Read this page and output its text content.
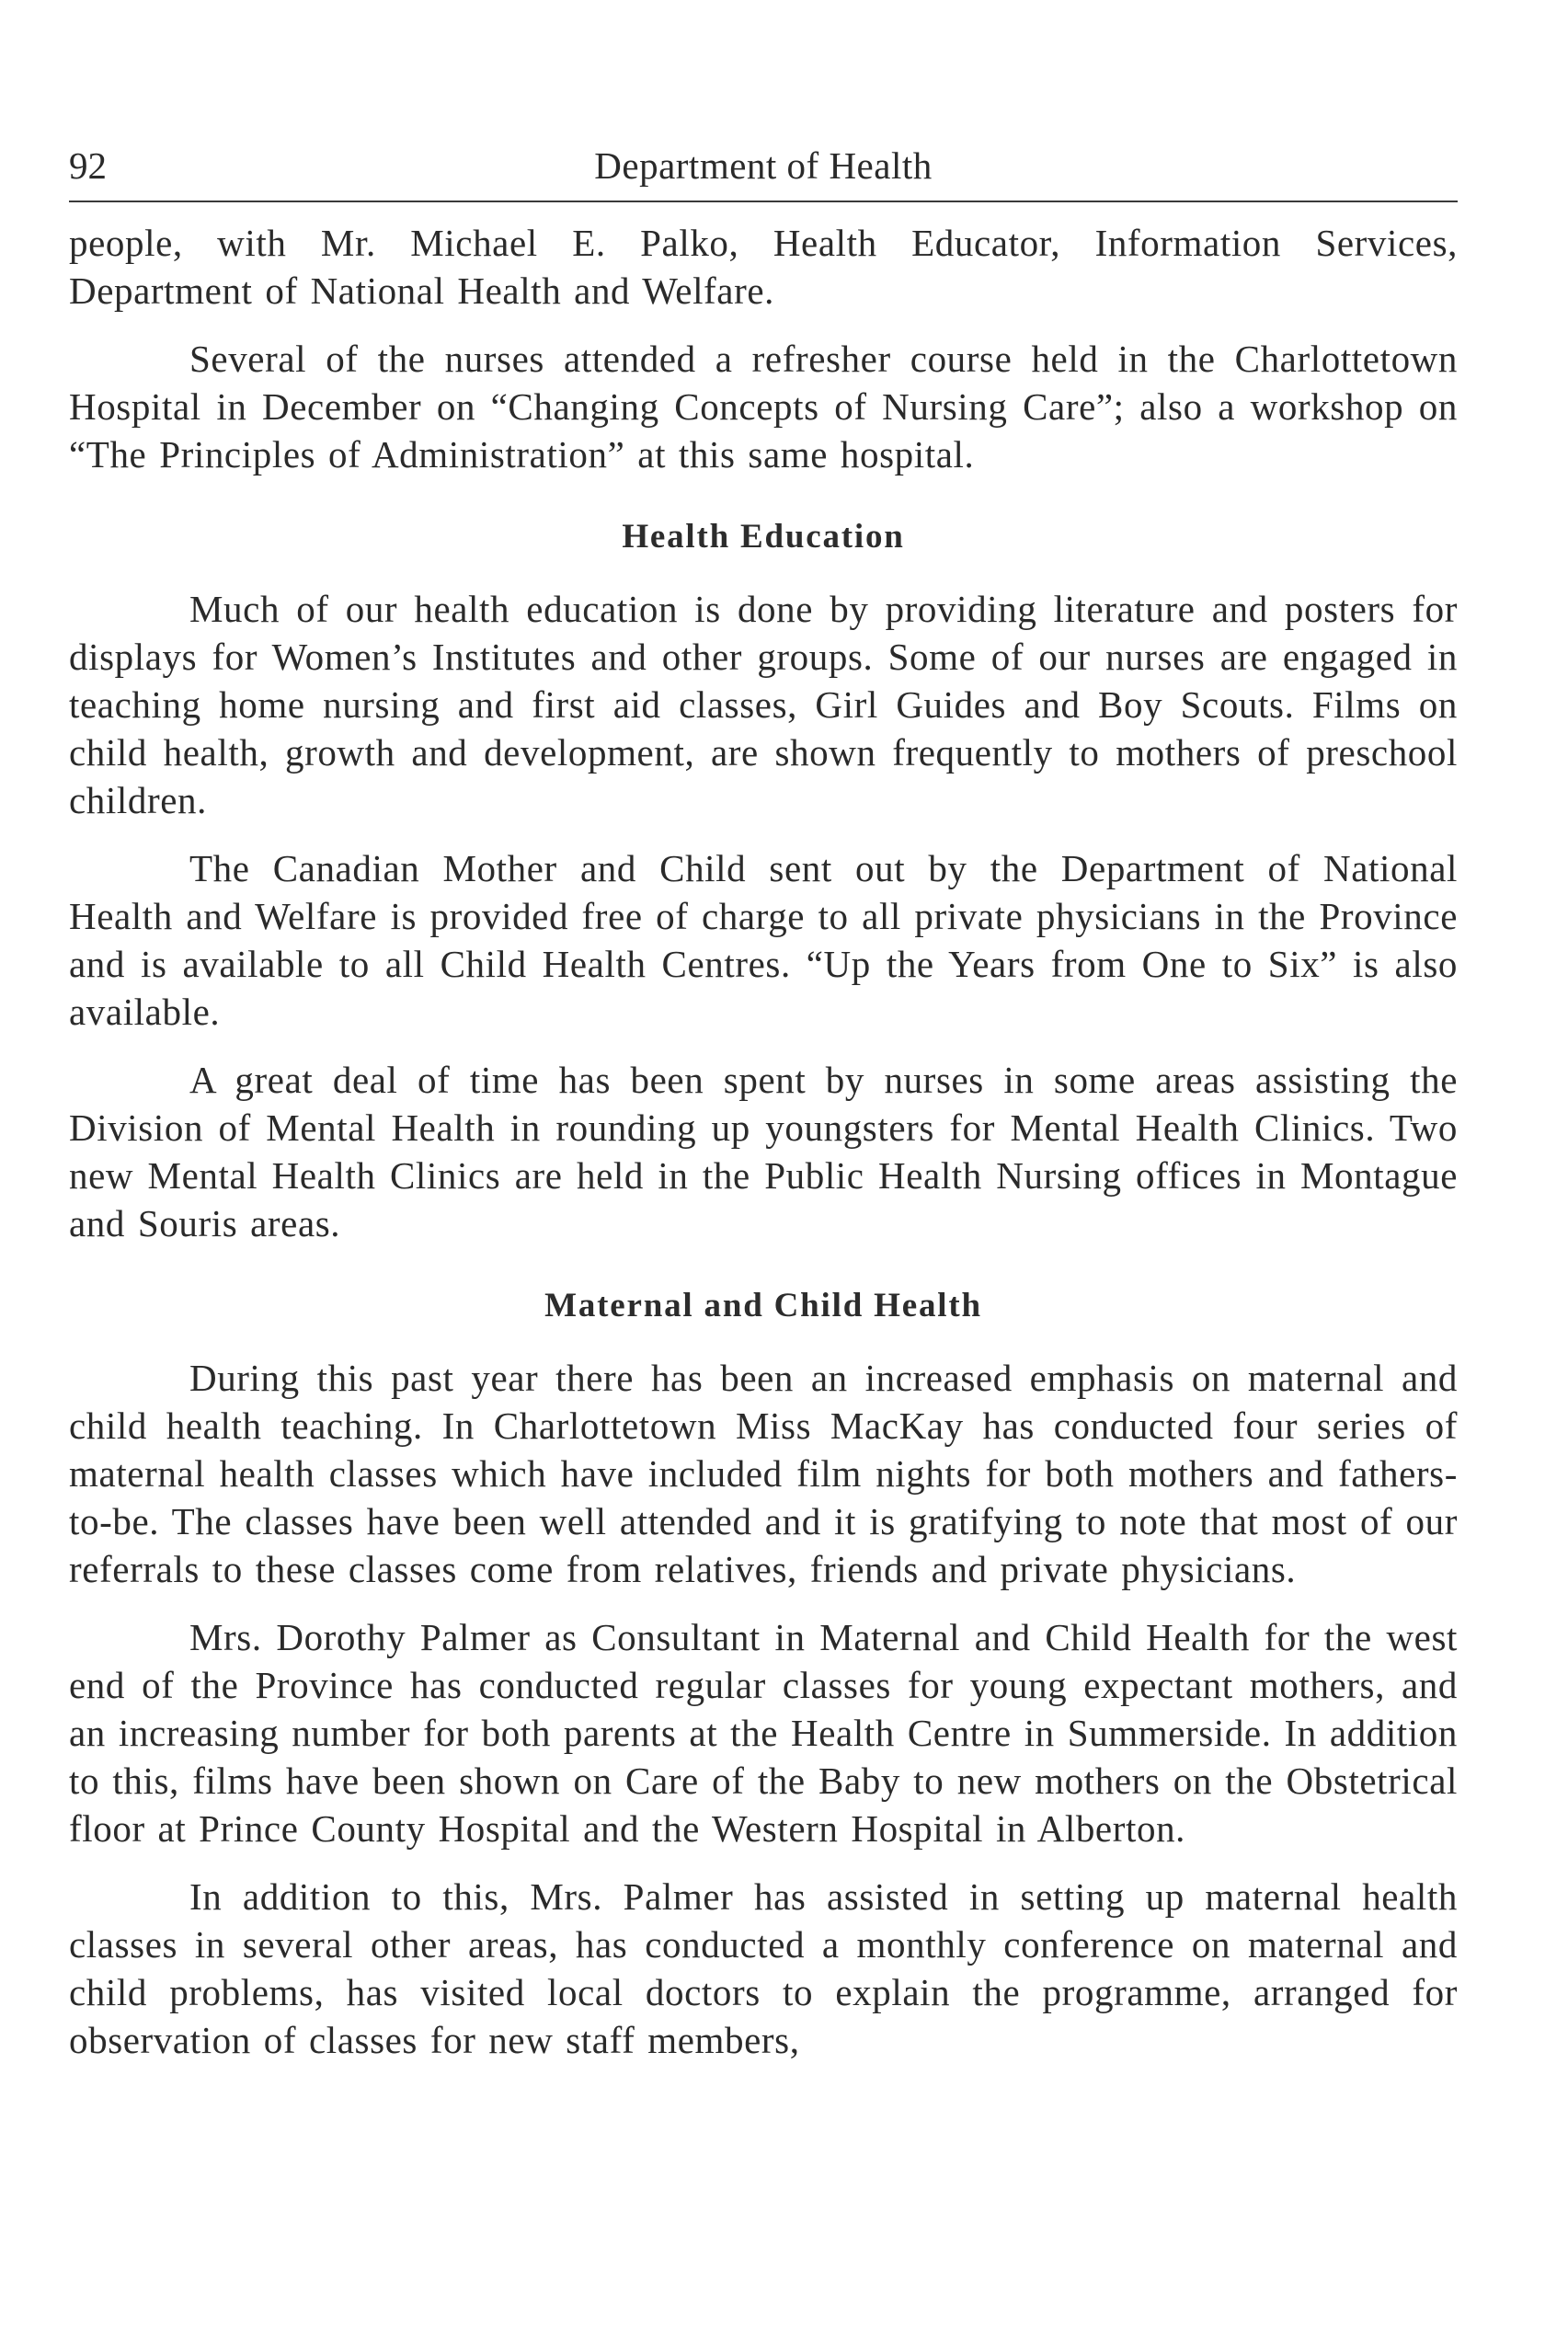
92	Department of Health

people, with Mr. Michael E. Palko, Health Educator, Information Services, Department of National Health and Welfare.

Several of the nurses attended a refresher course held in the Charlottetown Hospital in December on “Changing Concepts of Nursing Care”; also a workshop on “The Principles of Administration” at this same hospital.

Health Education

Much of our health education is done by providing literature and posters for displays for Women’s Institutes and other groups. Some of our nurses are engaged in teaching home nursing and first aid classes, Girl Guides and Boy Scouts. Films on child health, growth and development, are shown frequently to mothers of preschool children.

The Canadian Mother and Child sent out by the Department of National Health and Welfare is provided free of charge to all private physicians in the Province and is available to all Child Health Centres. “Up the Years from One to Six” is also available.

A great deal of time has been spent by nurses in some areas assisting the Division of Mental Health in rounding up youngsters for Mental Health Clinics. Two new Mental Health Clinics are held in the Public Health Nursing offices in Montague and Souris areas.

Maternal and Child Health

During this past year there has been an increased emphasis on maternal and child health teaching. In Charlottetown Miss MacKay has conducted four series of maternal health classes which have included film nights for both mothers and fathers-to-be. The classes have been well attended and it is gratifying to note that most of our referrals to these classes come from relatives, friends and private physicians.

Mrs. Dorothy Palmer as Consultant in Maternal and Child Health for the west end of the Province has conducted regular classes for young expectant mothers, and an increasing number for both parents at the Health Centre in Summerside. In addition to this, films have been shown on Care of the Baby to new mothers on the Obstetrical floor at Prince County Hospital and the Western Hospital in Alberton.

In addition to this, Mrs. Palmer has assisted in setting up maternal health classes in several other areas, has conducted a monthly conference on maternal and child problems, has visited local doctors to explain the programme, arranged for observation of classes for new staff members,
